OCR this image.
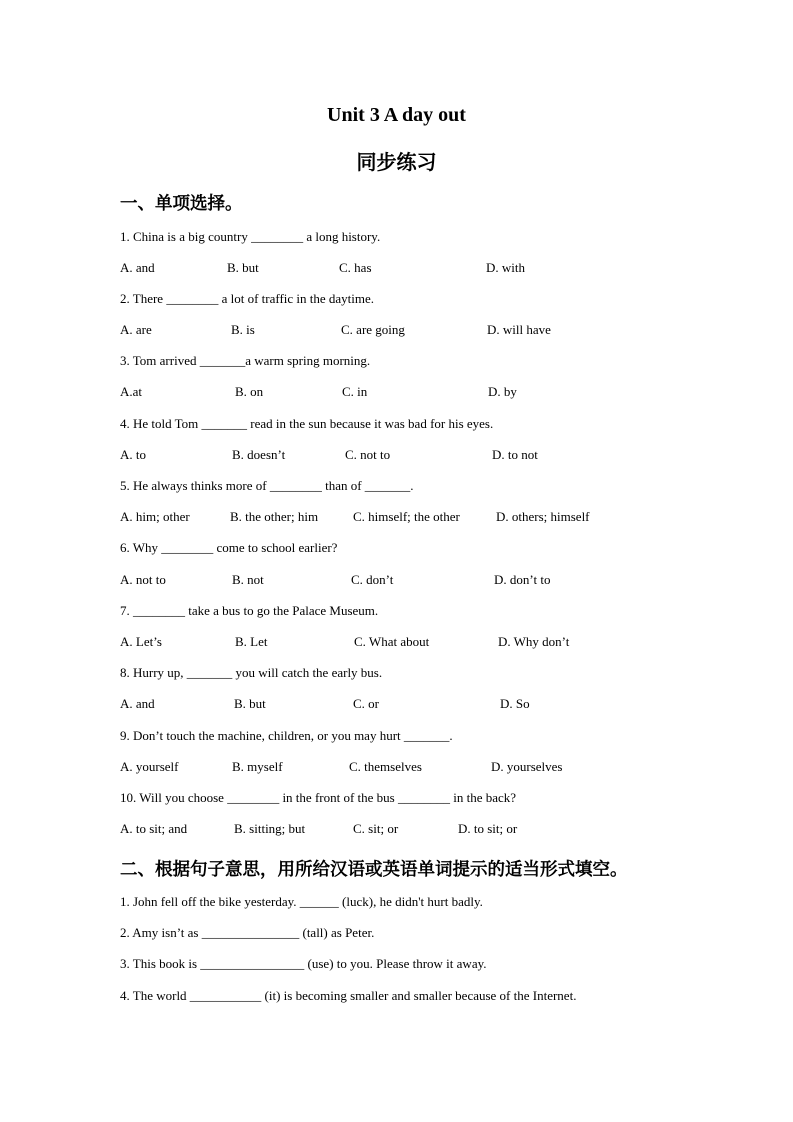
Unit 3 A day out
同步练习
一、单项选择。
1. China is a big country ________ a long history.
A. and	B. but	C. has	D. with
2. There ________ a lot of traffic in the daytime.
A. are	B. is	C. are going	D. will have
3. Tom arrived _______a warm spring morning.
A.at	B. on	C. in	D. by
4. He told Tom _______ read in the sun because it was bad for his eyes.
A. to	B. doesn’t	C. not to	D. to not
5. He always thinks more of ________ than of _______.
A. him; other	B. the other; him	C. himself; the other	D. others; himself
6. Why ________ come to school earlier?
A. not to	B. not	C. don’t	D. don’t to
7. ________ take a bus to go the Palace Museum.
A. Let’s	B. Let	C. What about	D. Why don’t
8. Hurry up, _______ you will catch the early bus.
A. and	B. but	C. or	D. So
9. Don’t touch the machine, children, or you may hurt _______.
A. yourself	B. myself	C. themselves	D. yourselves
10. Will you choose ________ in the front of the bus ________ in the back?
A. to sit; and	B. sitting; but	C. sit; or	D. to sit; or
二、根据句子意思，用所给汉语或英语单词提示的适当形式填空。
1. John fell off the bike yesterday. ______ (luck), he didn't hurt badly.
2. Amy isn’t as _______________ (tall) as Peter.
3. This book is ________________ (use) to you. Please throw it away.
4. The world ___________ (it) is becoming smaller and smaller because of the Internet.
